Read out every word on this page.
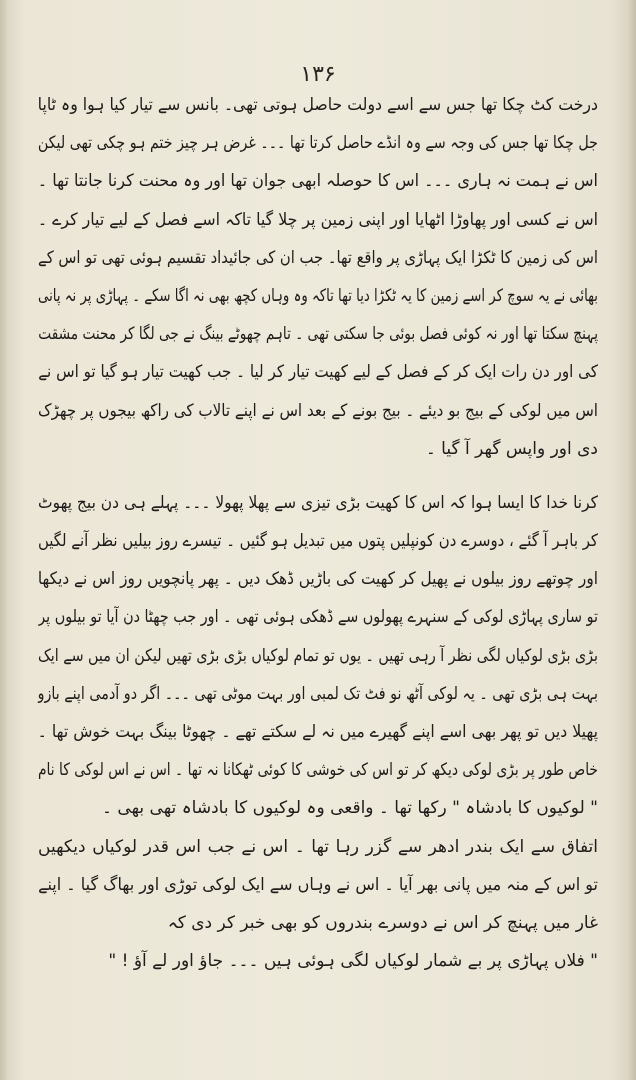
۱۳۶
درخت کٹ چکا تھا جس سے اسے دولت حاصل ہوتی تھی۔ بانس سے تیار کیا ہوا وہ ٹاپا
جل چکا تھا جس کی وجہ سے وہ انڈے حاصل کرتا تھا ۔۔۔ غرض ہر چیز ختم ہو چکی تھی لیکن
اس نے ہمت نہ ہاری ۔۔۔ اس کا حوصلہ ابھی جوان تھا اور وہ محنت کرنا جانتا تھا ۔
اس نے کسی اور پھاوڑا اٹھایا اور اپنی زمین پر چلا گیا تاکہ اسے فصل کے لیے تیار کرے ۔
اس کی زمین کا ٹکڑا ایک پہاڑی پر واقع تھا۔ جب ان کی جائیداد تقسیم ہوئی تھی تو اس کے
بھائی نے یہ سوچ کر اسے زمین کا یہ ٹکڑا دیا تھا تاکہ وہ وہاں کچھ بھی نہ اگا سکے ۔ پہاڑی پر نہ پانی
پہنچ سکتا تھا اور نہ کوئی فصل بوئی جا سکتی تھی ۔ تاہم چھوٹے بینگ نے جی لگا کر محنت مشقت
کی اور دن رات ایک کر کے فصل کے لیے کھیت تیار کر لیا ۔ جب کھیت تیار ہو گیا تو اس نے
اس میں لوکی کے بیج بو دیئے ۔ بیج بونے کے بعد اس نے اپنے تالاب کی راکھ بیجوں پر چھڑک
دی اور واپس گھر آ گیا ۔
کرنا خدا کا ایسا ہوا کہ اس کا کھیت بڑی تیزی سے پھلا پھولا ۔۔۔ پہلے ہی دن بیج پھوٹ
کر باہر آ گئے ، دوسرے دن کونپلیں پتوں میں تبدیل ہو گئیں ۔ تیسرے روز بیلیں نظر آنے لگیں
اور چوتھے روز بیلوں نے پھیل کر کھیت کی باڑیں ڈھک دیں ۔ پھر پانچویں روز اس نے دیکھا
تو ساری پہاڑی لوکی کے سنہرے پھولوں سے ڈھکی ہوئی تھی ۔ اور جب چھٹا دن آیا تو بیلوں پر
بڑی بڑی لوکیاں لگی نظر آ رہی تھیں ۔ یوں تو تمام لوکیاں بڑی بڑی تھیں لیکن ان میں سے ایک
بہت ہی بڑی تھی ۔ یہ لوکی آٹھ نو فٹ تک لمبی اور بہت موٹی تھی ۔۔۔ اگر دو آدمی اپنے بازو
پھیلا دیں تو پھر بھی اسے اپنے گھیرے میں نہ لے سکتے تھے ۔ چھوٹا بینگ بہت خوش تھا ۔
خاص طور پر بڑی لوکی دیکھ کر تو اس کی خوشی کا کوئی ٹھکانا نہ تھا ۔ اس نے اس لوکی کا نام
" لوکیوں کا بادشاہ " رکھا تھا ۔ واقعی وہ لوکیوں کا بادشاہ تھی بھی ۔
اتفاق سے ایک بندر ادھر سے گزر رہا تھا ۔ اس نے جب اس قدر لوکیاں دیکھیں
تو اس کے منہ میں پانی بھر آیا ۔ اس نے وہاں سے ایک لوکی توڑی اور بھاگ گیا ۔ اپنے
غار میں پہنچ کر اس نے دوسرے بندروں کو بھی خبر کر دی کہ
" فلاں پہاڑی پر بے شمار لوکیاں لگی ہوئی ہیں ۔۔۔ جاؤ اور لے آؤ ! "
